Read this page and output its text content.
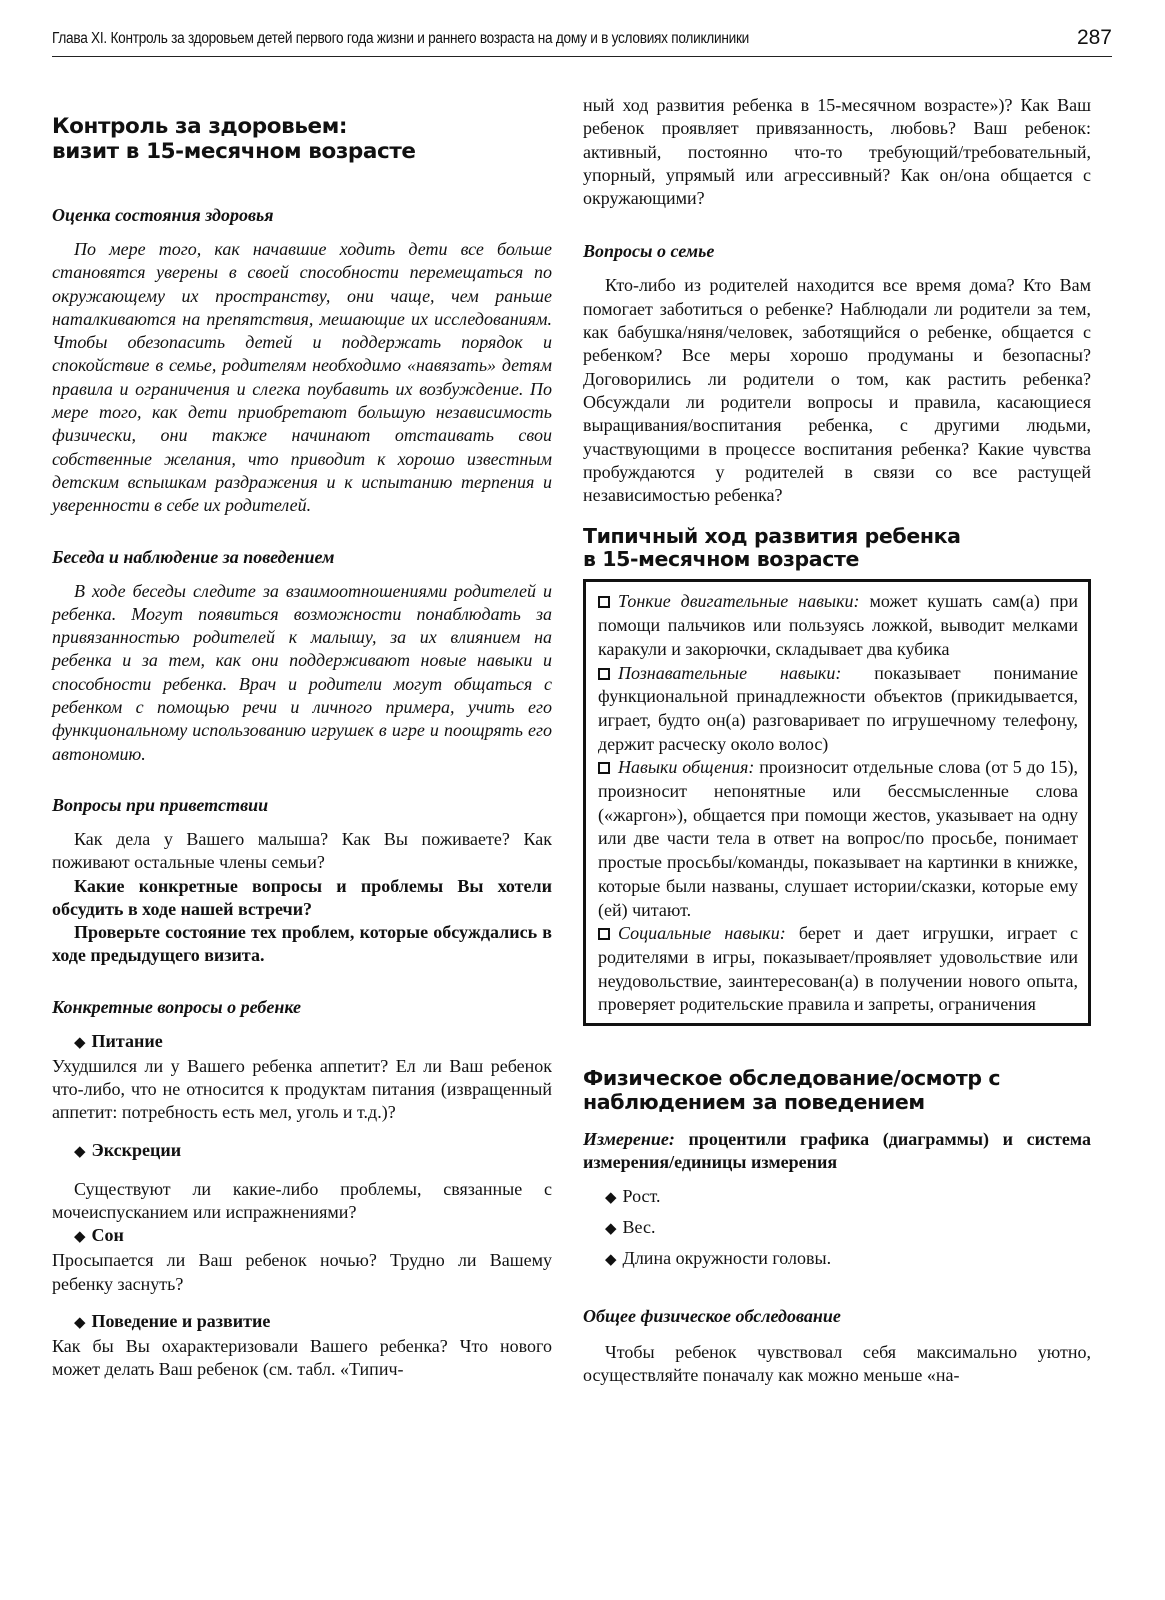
Глава XI. Контроль за здоровьем детей первого года жизни и раннего возраста на дому и в условиях поликлиники	287
Контроль за здоровьем:
визит в 15-месячном возрасте
Оценка состояния здоровья

По мере того, как начавшие ходить дети все больше становятся уверены в своей способности перемещаться по окружающему их пространству, они чаще, чем раньше наталкиваются на препятствия, мешающие их исследованиям. Чтобы обезопасить детей и поддержать порядок и спокойствие в семье, родителям необходимо «навязать» детям правила и ограничения и слегка поубавить их возбуждение. По мере того, как дети приобретают большую независимость физически, они также начинают отстаивать свои собственные желания, что приводит к хорошо известным детским вспышкам раздражения и к испытанию терпения и уверенности в себе их родителей.

Беседа и наблюдение за поведением

В ходе беседы следите за взаимоотношениями родителей и ребенка. Могут появиться возможности понаблюдать за привязанностью родителей к малышу, за их влиянием на ребенка и за тем, как они поддерживают новые навыки и способности ребенка. Врач и родители могут общаться с ребенком с помощью речи и личного примера, учить его функциональному использованию игрушек в игре и поощрять его автономию.

Вопросы при приветствии

Как дела у Вашего малыша? Как Вы поживаете? Как поживают остальные члены семьи?

Какие конкретные вопросы и проблемы Вы хотели обсудить в ходе нашей встречи?

Проверьте состояние тех проблем, которые обсуждались в ходе предыдущего визита.

Конкретные вопросы о ребенке
◆ Питание

Ухудшился ли у Вашего ребенка аппетит? Ел ли Ваш ребенок что-либо, что не относится к продуктам питания (извращенный аппетит: потребность есть мел, уголь и т.д.)?

◆ Экскреции

Существуют ли какие-либо проблемы, связанные с мочеиспусканием или испражнениями?

◆ Сон

Просыпается ли Ваш ребенок ночью? Трудно ли Вашему ребенку заснуть?

◆ Поведение и развитие

Как бы Вы охарактеризовали Вашего ребенка? Что нового может делать Ваш ребенок (см. табл. «Типич-

ный ход развития ребенка в 15-месячном возрасте»)? Как Ваш ребенок проявляет привязанность, любовь? Ваш ребенок: активный, постоянно что-то требующий/требовательный, упорный, упрямый или агрессивный? Как он/она общается с окружающими?

Вопросы о семье

Кто-либо из родителей находится все время дома? Кто Вам помогает заботиться о ребенке? Наблюдали ли родители за тем, как бабушка/няня/человек, заботящийся о ребенке, общается с ребенком? Все меры хорошо продуманы и безопасны? Договорились ли родители о том, как растить ребенка? Обсуждали ли родители вопросы и правила, касающиеся выращивания/воспитания ребенка, с другими людьми, участвующими в процессе воспитания ребенка? Какие чувства пробуждаются у родителей в связи со все растущей независимостью ребенка?

Типичный ход развития ребенка
в 15-месячном возрасте

Тонкие двигательные навыки: может кушать сам(а) при помощи пальчиков или пользуясь ложкой, выводит мелками каракули и закорючки, складывает два кубика

Познавательные навыки: показывает понимание функциональной принадлежности объектов (прикидывается, играет, будто он(а) разговаривает по игрушечному телефону, держит расческу около волос)

Навыки общения: произносит отдельные слова (от 5 до 15), произносит непонятные или бессмысленные слова («жаргон»), общается при помощи жестов, указывает на одну или две части тела в ответ на вопрос/по просьбе, понимает простые просьбы/команды, показывает на картинки в книжке, которые были названы, слушает истории/сказки, которые ему (ей) читают.

Социальные навыки: берет и дает игрушки, играет с родителями в игры, показывает/проявляет удовольствие или неудовольствие, заинтересован(а) в получении нового опыта, проверяет родительские правила и запреты, ограничения

Физическое обследование/осмотр с
наблюдением за поведением

Измерение: процентили графика (диаграммы) и система измерения/единицы измерения

◆ Рост.
◆ Вес.
◆ Длина окружности головы.
Общее физическое обследование

Чтобы ребенок чувствовал себя максимально уютно, осуществляйте поначалу как можно меньше «на-
